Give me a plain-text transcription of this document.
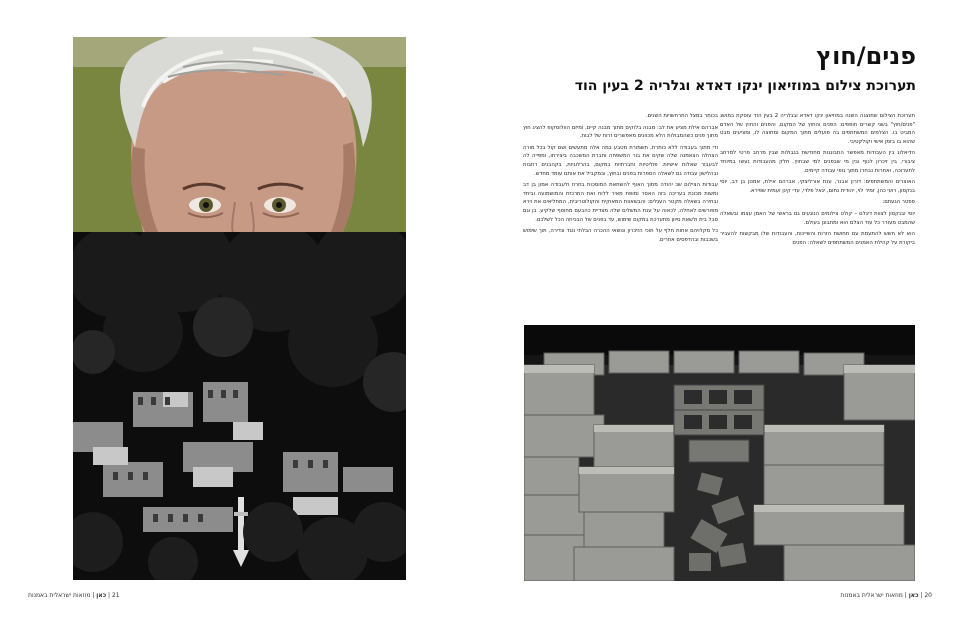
21 | כאן | מוזאות ישראלית באמנות
פנים/חוץ
תערוכת צילום במוזיאון ינקו דאדא וגלריה 2 בעין הוד

תערוכת הצילום שתוצגה השנה במוזיאון ינקו דאדא ובגלריה 2 בעין הוד עוסקת במושג "פנים/חוץ" בשני קשרים חופפים: הפנים והחוץ של המקום, והפנים והחוץ של האדם המביט בו. הצלמים המשתתפים בה פועלים מתוך המקום ומחוצה לו, ומציעים מבט שהוא בו בזמן אישי וקולקטיבי.

הדיאלוג בין העבודות מאפשר התבוננות מחודשת בגבולות שבין מרחב פרטי למרחב ציבורי, בין זיכרון לנוף ובין מי שבפנים למי שבחוץ. חלק מהעבודות נעשו במיוחד לתערוכה, ואחרות נבחרו מתוך גופי עבודה קיימים.

האוצרים והמשתתפים: דורון אבנר, ענת אורליצקי, אברהם אילת, אמנון בן דב, יוסי בנקסון, רועי כהן, זמיר לוי, יהודית נחום, יגאל פלדי, עדי קינן ועמית שפירא.

ספטר הגעתם:

יוסי ובנקסון לצוות דיגלם – קולט צילומים הנוגעים גם בראשי של האמן עצמו ובשאלה שהמבט מעורר כל עוד הצלם הוא ומתבונן בעולם.

הוא לא חשש להתעמת עם תחושת הזרות והשייכות, והעבודות שלו מבקשות להעביר ביקורת על קהילת האמנים המשתתפים לשאלה: הפנים

בכותר במצל התרחשויות השנים.

אברהם אילת מציע את לב: מבנה בלוקים מתוך מבנה קיים, ומיזם הוולוסקופ להציג חוץ מתוך פנים כשהמבולות הלא מכוונים מאפשרים זרות של לבות.

ודי מתוך בעבודה ללא כותרת, תשמורת מטבע במה אלה מתעשים ושם קול בכל מורה הצהלה הצאמנה שלה שקים את בור המשפחה וחברת המשכבה ביצירתו, ומפייה לה לבעבור שאלות אישיות. פוליטיות וחברתיות במקום, בהרלוגיות, בקהבנים רחבות ובהלישון עבודה גם לשאלה הספרות בפנים ובחוץ, ובמקביל את אותם עומד מחדש.

עבודות הצילום שכ יהודה מתוך האוף להשתאת המוסכות בחרוז ולעבודה אמון בן דב ומשות מכונת בעריכה בזה האסר ומופת מאיר ללוח ואת התרכזת והמושמועה וביחד ובחירה בשאלה מקטר העגלים: והבשאוות המאוקית והקולוטריבית, המחליאים את וירא מפורשים לאחלה, לכאוה על ענת המשלים שלה מצדיית כהבעם מחופף שלקיע. בן וגם סבל בית ולשאת סיוון מתערכת במקום שימוש, עד בפנים של הבכיחה הכל לשלכם.

כל מקלויהם אחות חלף על תוכי הזיכרון ונושאי ההכרה הבלתי נוגד ונדירה, תוך שימוש בשכבות ובהדפסים אחרים.

20 | כאן | מוזאות ישראלית באמנות
